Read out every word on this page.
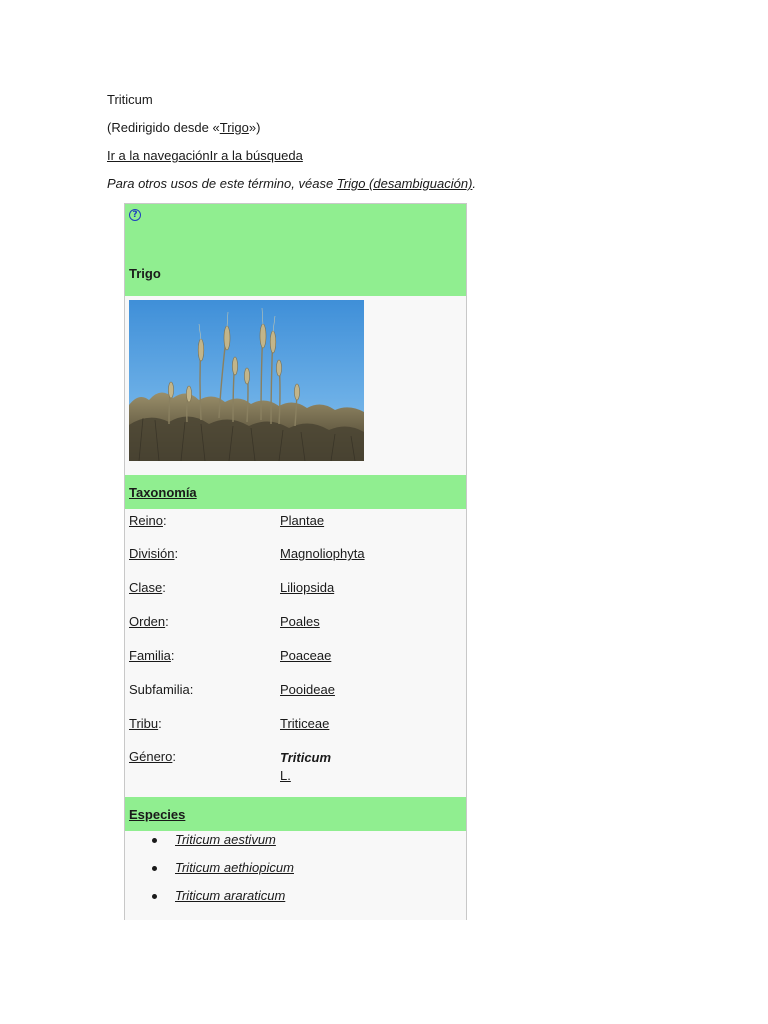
Triticum
(Redirigido desde «Trigo»)
Ir a la navegaciónIr a la búsqueda
Para otros usos de este término, véase Trigo (desambiguación).
?
Trigo
Taxonomía
Reino:	Plantae
División:	Magnoliophyta
Clase:	Liliopsida
Orden:	Poales
Familia:	Poaceae
Subfamilia:	Pooideae
Tribu:	Triticeae
Género:	Triticum
L.
Especies
Triticum aestivum
Triticum aethiopicum
Triticum araraticum
